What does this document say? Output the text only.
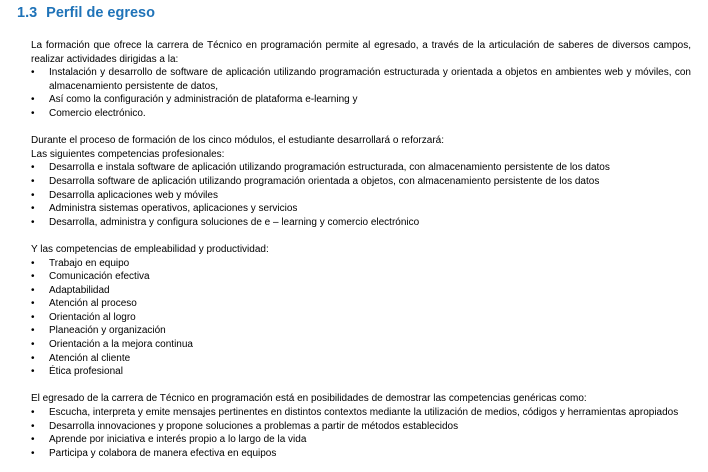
1.3 Perfil de egreso

La formación que ofrece la carrera de Técnico en programación permite al egresado, a través de la articulación de saberes de diversos campos, realizar actividades dirigidas a la:

•	Instalación y desarrollo de software de aplicación utilizando programación estructurada y orientada a objetos en ambientes web y móviles, con almacenamiento persistente de datos,
•	Así como la configuración y administración de plataforma e-learning y
•	Comercio electrónico.

Durante el proceso de formación de los cinco módulos, el estudiante desarrollará o reforzará:

Las siguientes competencias profesionales:

•	Desarrolla e instala software de aplicación utilizando programación estructurada, con almacenamiento persistente de los datos
•	Desarrolla software de aplicación utilizando programación orientada a objetos, con almacenamiento persistente de los datos
•	Desarrolla aplicaciones web y móviles
•	Administra sistemas operativos, aplicaciones y servicios
•	Desarrolla, administra y configura soluciones de e – learning y comercio electrónico

Y las competencias de empleabilidad y productividad:

•	Trabajo en equipo
•	Comunicación efectiva
•	Adaptabilidad
•	Atención al proceso
•	Orientación al logro
•	Planeación y organización
•	Orientación a la mejora continua
•	Atención al cliente
•	Ética profesional

El egresado de la carrera de Técnico en programación está en posibilidades de demostrar las competencias genéricas como:

•	Escucha, interpreta y emite mensajes pertinentes en distintos contextos mediante la utilización de medios, códigos y herramientas apropiados
•	Desarrolla innovaciones y propone soluciones a problemas a partir de métodos establecidos
•	Aprende por iniciativa e interés propio a lo largo de la vida
•	Participa y colabora de manera efectiva en equipos
